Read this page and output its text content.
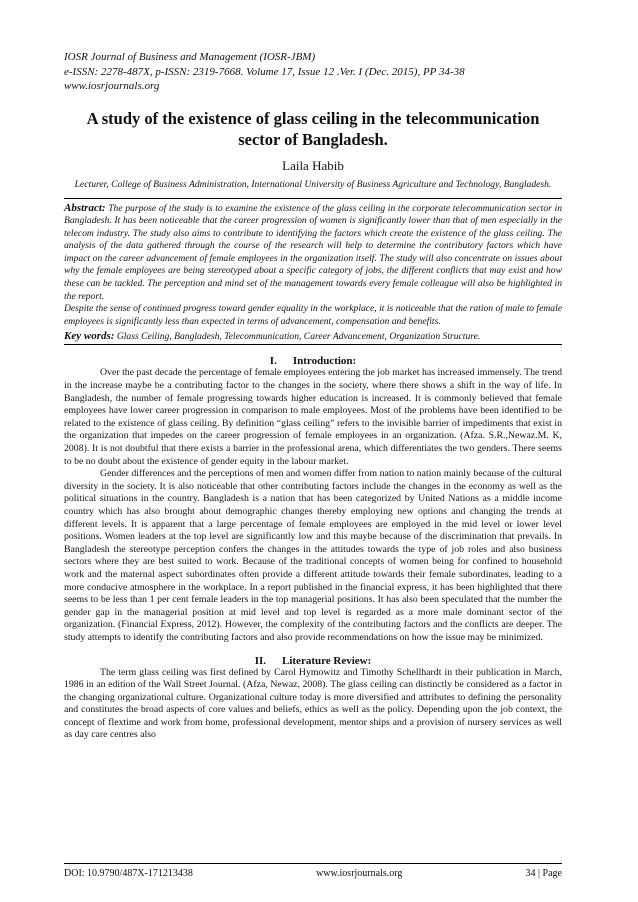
IOSR Journal of Business and Management (IOSR-JBM)
e-ISSN: 2278-487X, p-ISSN: 2319-7668. Volume 17, Issue 12 .Ver. I (Dec. 2015), PP 34-38
www.iosrjournals.org
A study of the existence of glass ceiling in the telecommunication sector of Bangladesh.
Laila Habib
Lecturer, College of Business Administration, International University of Business Agriculture and Technology, Bangladesh.

Abstract: The purpose of the study is to examine the existence of the glass ceiling in the corporate telecommunication sector in Bangladesh. It has been noticeable that the career progression of women is significantly lower than that of men especially in the telecom industry. The study also aims to contribute to identifying the factors which create the existence of the glass ceiling. The analysis of the data gathered through the course of the research will help to determine the contributory factors which have impact on the career advancement of female employees in the organization itself. The study will also concentrate on issues about why the female employees are being stereotyped about a specific category of jobs, the different conflicts that may exist and how these can be tackled. The perception and mind set of the management towards every female colleague will also be highlighted in the report.

Despite the sense of continued progress toward gender equality in the workplace, it is noticeable that the ration of male to female employees is significantly less than expected in terms of advancement, compensation and benefits.

Key words: Glass Ceiling, Bangladesh, Telecommunication, Career Advancement, Organization Structure.
I. Introduction:

Over the past decade the percentage of female employees entering the job market has increased immensely. The trend in the increase maybe be a contributing factor to the changes in the society, where there shows a shift in the way of life. In Bangladesh, the number of female progressing towards higher education is increased. It is commonly believed that female employees have lower career progression in comparison to male employees. Most of the problems have been identified to be related to the existence of glass ceiling. By definition “glass ceiling” refers to the invisible barrier of impediments that exist in the organization that impedes on the career progression of female employees in an organization. (Afza. S.R.,Newaz.M. K, 2008). It is not doubtful that there exists a barrier in the professional arena, which differentiates the two genders. There seems to be no doubt about the existence of gender equity in the labour market.

Gender differences and the perceptions of men and women differ from nation to nation mainly because of the cultural diversity in the society. It is also noticeable that other contributing factors include the changes in the economy as well as the political situations in the country. Bangladesh is a nation that has been categorized by United Nations as a middle income country which has also brought about demographic changes thereby employing new options and changing the trends at different levels. It is apparent that a large percentage of female employees are employed in the mid level or lower level positions. Women leaders at the top level are significantly low and this maybe because of the discrimination that prevails. In Bangladesh the stereotype perception confers the changes in the attitudes towards the type of job roles and also business sectors where they are best suited to work. Because of the traditional concepts of women being for confined to household work and the maternal aspect subordinates often provide a different attitude towards their female subordinates, leading to a more conducive atmosphere in the workplace. In a report published in the financial express, it has been highlighted that there seems to be less than 1 per cent female leaders in the top managerial positions. It has also been speculated that the number the gender gap in the managerial position at mid level and top level is regarded as a more male dominant sector of the organization. (Financial Express, 2012). However, the complexity of the contributing factors and the conflicts are deeper. The study attempts to identify the contributing factors and also provide recommendations on how the issue may be minimized.

II. Literature Review:

The term glass ceiling was first defined by Carol Hymowitz and Timothy Schellhardt in their publication in March, 1986 in an edition of the Wall Street Journal. (Afza, Newaz, 2008). The glass ceiling can distinctly be considered as a factor in the changing organizational culture. Organizational culture today is more diversified and attributes to defining the personality and constitutes the broad aspects of core values and beliefs, ethics as well as the policy. Depending upon the job context, the concept of flextime and work from home, professional development, mentor ships and a provision of nursery services as well as day care centres also

DOI: 10.9790/487X-171213438	www.iosrjournals.org	34 | Page
